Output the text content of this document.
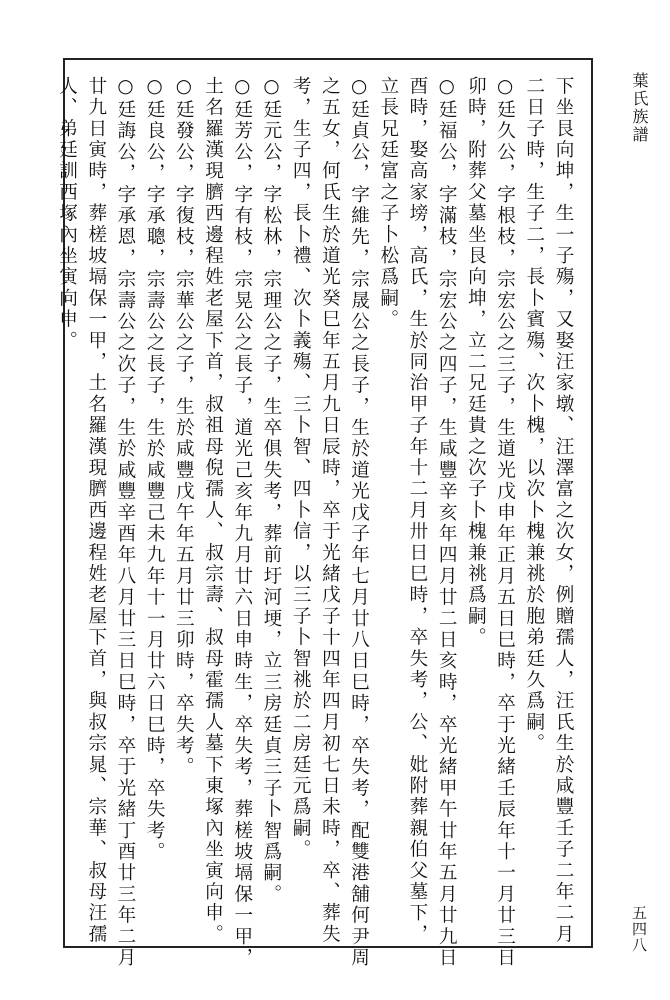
葉氏族譜
下坐艮向坤，生一子殤，又娶汪家墩、汪澤富之次女，例贈孺人，汪氏生於咸豐壬子二年二月
二日子時，生子二，長卜賓殤、次卜槐，以次卜槐兼祧於胞弟廷久爲嗣。
○廷久公，字根枝，宗宏公之三子，生道光戊申年正月五日巳時，卒于光緒壬辰年十一月廿三日
卯時，附葬父墓坐艮向坤，立二兄廷貴之次子卜槐兼祧爲嗣。
○廷福公，字滿枝，宗宏公之四子，生咸豐辛亥年四月廿二日亥時，卒光緒甲午廿年五月廿九日
酉時，娶高家塝，高氏，生於同治甲子年十二月卅日巳時，卒失考，公、妣附葬親伯父墓下，
立長兄廷富之子卜松爲嗣。
○廷貞公，字維先，宗晟公之長子，生於道光戊子年七月廿八日巳時，卒失考，配雙港舖何尹周
之五女，何氏生於道光癸巳年五月九日辰時，卒于光緒戊子十四年四月初七日未時，卒、葬失
考，生子四，長卜禮、次卜義殤、三卜智、四卜信，以三子卜智祧於二房廷元爲嗣。
○廷元公，字松林，宗理公之子，生卒俱失考，葬前圩河埂，立三房廷貞三子卜智爲嗣。
○廷芳公，字有枝，宗晃公之長子，道光己亥年九月廿六日申時生，卒失考，葬槎坡塥保一甲，
土名羅漢現臍西邊程姓老屋下首，叔祖母倪孺人、叔宗壽、叔母霍孺人墓下東塚內坐寅向申。
○廷發公，字復枝，宗華公之子，生於咸豐戊午年五月廿三卯時，卒失考。
○廷良公，字承聰，宗壽公之長子，生於咸豐己未九年十一月廿六日巳時，卒失考。
○廷誨公，字承恩，宗壽公之次子，生於咸豐辛酉年八月廿三日巳時，卒于光緒丁酉廿三年二月
廿九日寅時，葬槎坡塥保一甲，土名羅漢現臍西邊程姓老屋下首，與叔宗晁、宗華、叔母汪孺
人、弟廷訓西塚內坐寅向申。
五四八
